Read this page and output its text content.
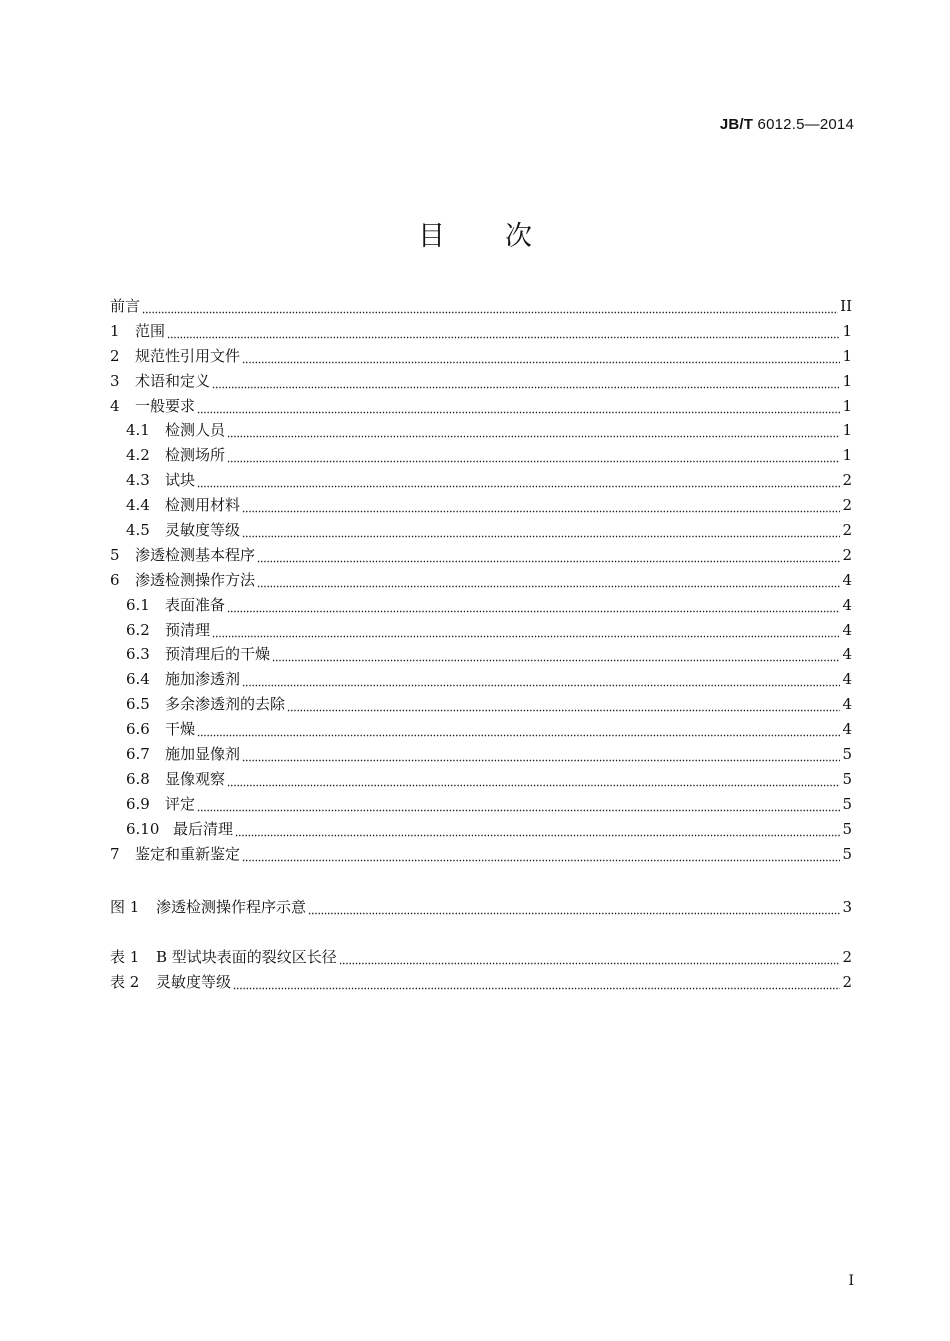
JB/T 6012.5—2014
目次
前言	II
1	范围	1
2	规范性引用文件	1
3	术语和定义	1
4	一般要求	1
4.1	检测人员	1
4.2	检测场所	1
4.3	试块	2
4.4	检测用材料	2
4.5	灵敏度等级	2
5	渗透检测基本程序	2
6	渗透检测操作方法	4
6.1	表面准备	4
6.2	预清理	4
6.3	预清理后的干燥	4
6.4	施加渗透剂	4
6.5	多余渗透剂的去除	4
6.6	干燥	4
6.7	施加显像剂	5
6.8	显像观察	5
6.9	评定	5
6.10 最后清理	5
7	鉴定和重新鉴定	5
图 1	渗透检测操作程序示意	3
表 1	B 型试块表面的裂纹区长径	2
表 2	灵敏度等级	2
I
